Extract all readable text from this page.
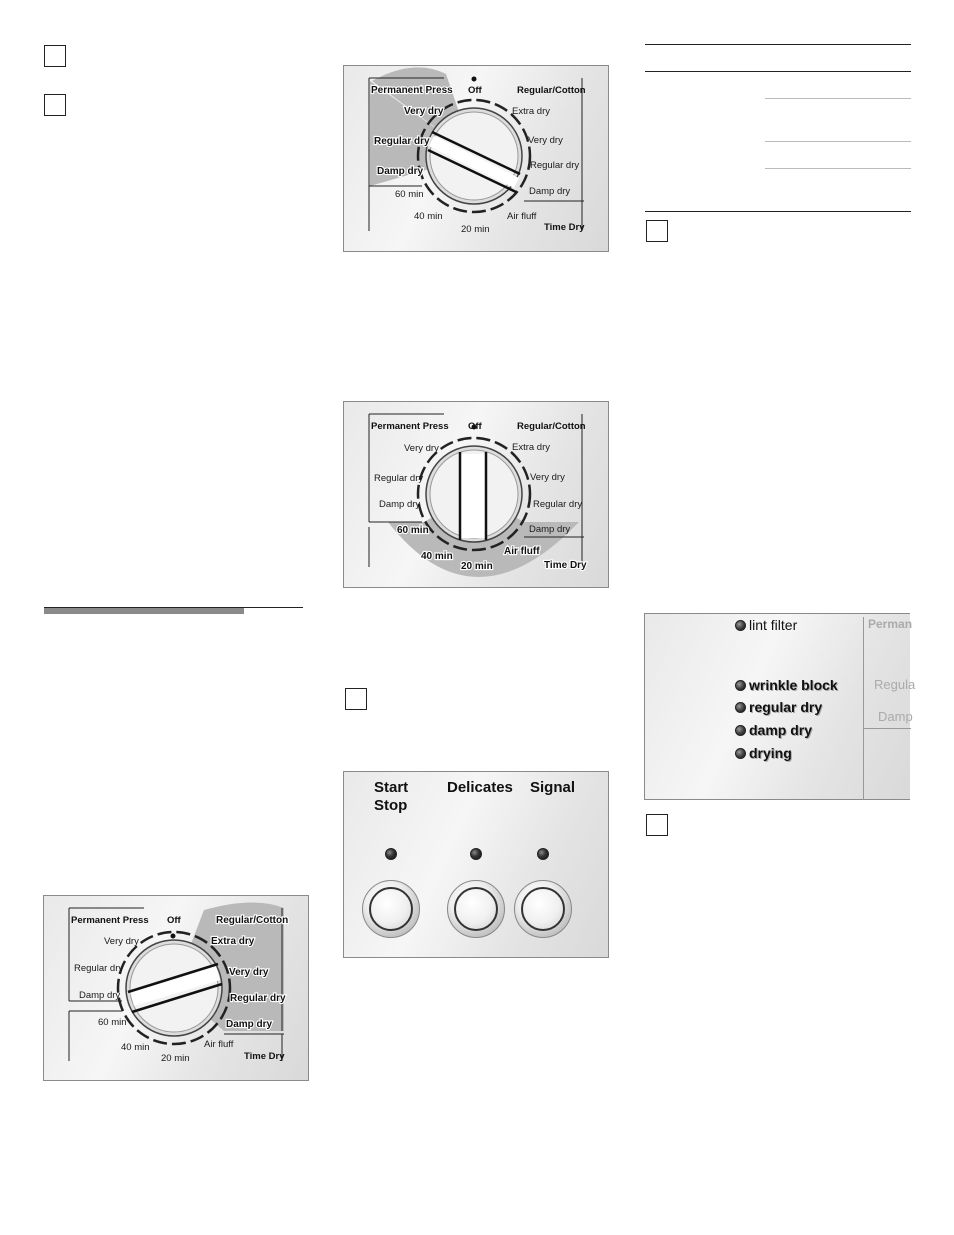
Permanent Press Off	Regular/Cotton
Very dry
Regular dry
Damp dry
Extra dry
Very dry
Regular dry
Damp dry
60 min
40 min
20 min
Air fluff
Time Dry
Permanent Press Off	Regular/Cotton
Very dry
Regular dry
Damp dry
Extra dry
Very dry
Regular dry
Damp dry
60 min
40 min
20 min
Air fluff
Time Dry
Permanent Press Off	Regular/Cotton
Very dry
Regular dry
Damp dry
Extra dry
Very dry
Regular dry
Damp dry
60 min
40 min
20 min
Air fluff
Time Dry
Start
Stop
Delicates Signal
lint filter
wrinkle block
regular dry
damp dry
drying
Perman
Regula
Damp
